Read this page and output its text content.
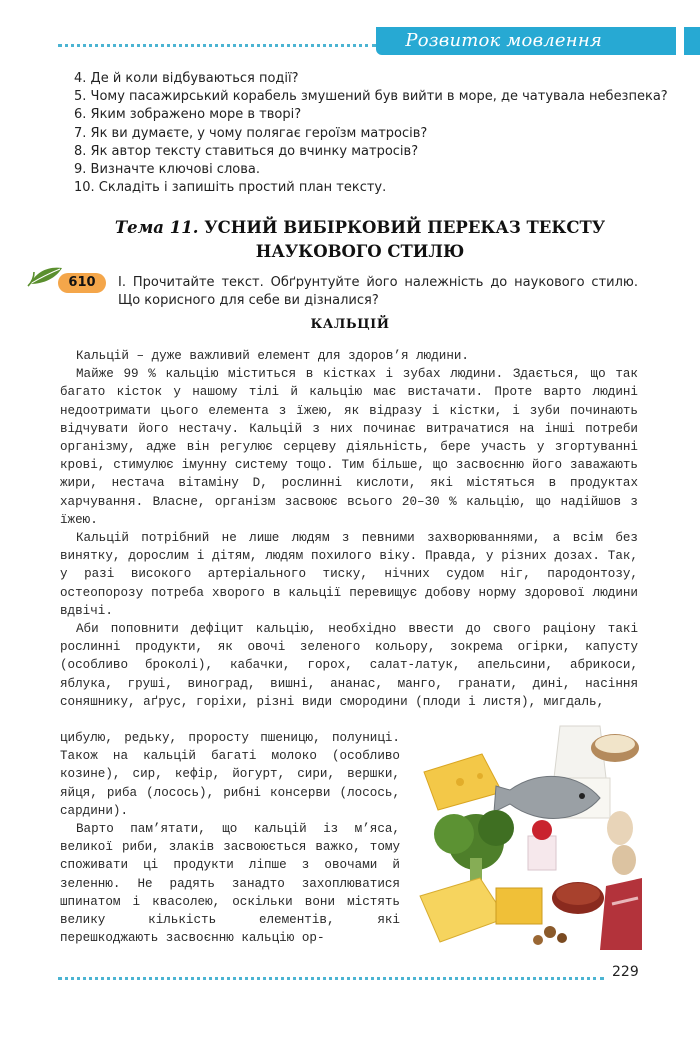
Розвиток мовлення
4. Де й коли відбуваються події?
5. Чому пасажирський корабель змушений був вийти в море, де чатувала небезпека?
6. Яким зображено море в творі?
7. Як ви думаєте, у чому полягає героїзм матросів?
8. Як автор тексту ставиться до вчинку матросів?
9. Визначте ключові слова.
10. Складіть і запишіть простий план тексту.
Тема 11. УСНИЙ ВИБІРКОВИЙ ПЕРЕКАЗ ТЕКСТУ
НАУКОВОГО СТИЛЮ
610	І. Прочитайте текст. Обґрунтуйте його належність до наукового стилю. Що корисного для себе ви дізналися?
КАЛЬЦІЙ

Кальцій – дуже важливий елемент для здоров’я людини.

Майже 99 % кальцію міститься в кістках і зубах людини. Здається, що так багато кісток у нашому тілі й кальцію має вистачати. Проте варто людині недоотримати цього елемента з їжею, як відразу і кістки, і зуби починають відчувати його нестачу. Кальцій з них починає витрачатися на інші потреби організму, адже він регулює серцеву діяльність, бере участь у згортуванні крові, стимулює імунну систему тощо. Тим більше, що засвоєнню його заважають жири, нестача вітаміну D, рослинні кислоти, які містяться в продуктах харчування. Власне, організм засвоює всього 20–30 % кальцію, що надійшов з їжею.

Кальцій потрібний не лише людям з певними захворюваннями, а всім без винятку, дорослим і дітям, людям похилого віку. Правда, у різних дозах. Так, у разі високого артеріального тиску, нічних судом ніг, пародонтозу, остеопорозу потреба хворого в кальції перевищує добову норму здорової людини вдвічі.

Аби поповнити дефіцит кальцію, необхідно ввести до свого раціону такі рослинні продукти, як овочі зеленого кольору, зокрема огірки, капусту (особливо броколі), кабачки, горох, салат-латук, апельсини, абрикоси, яблука, груші, виноград, вишні, ананас, манго, гранати, дині, насіння соняшнику, аґрус, горіхи, різні види смородини (плоди і листя), мигдаль,

цибулю, редьку, проросту пшеницю, полуниці. Також на кальцій багаті молоко (особливо козине), сир, кефір, йогурт, сири, вершки, яйця, риба (лосось), рибні консерви (лосось, сардини).

Варто пам’ятати, що кальцій із м’яса, великої риби, злаків засвоюється важко, тому споживати ці продукти ліпше з овочами й зеленню. Не радять занадто захоплюватися шпинатом і квасолею, оскільки вони містять велику кількість елементів, які перешкоджають засвоєнню кальцію ор-

229
